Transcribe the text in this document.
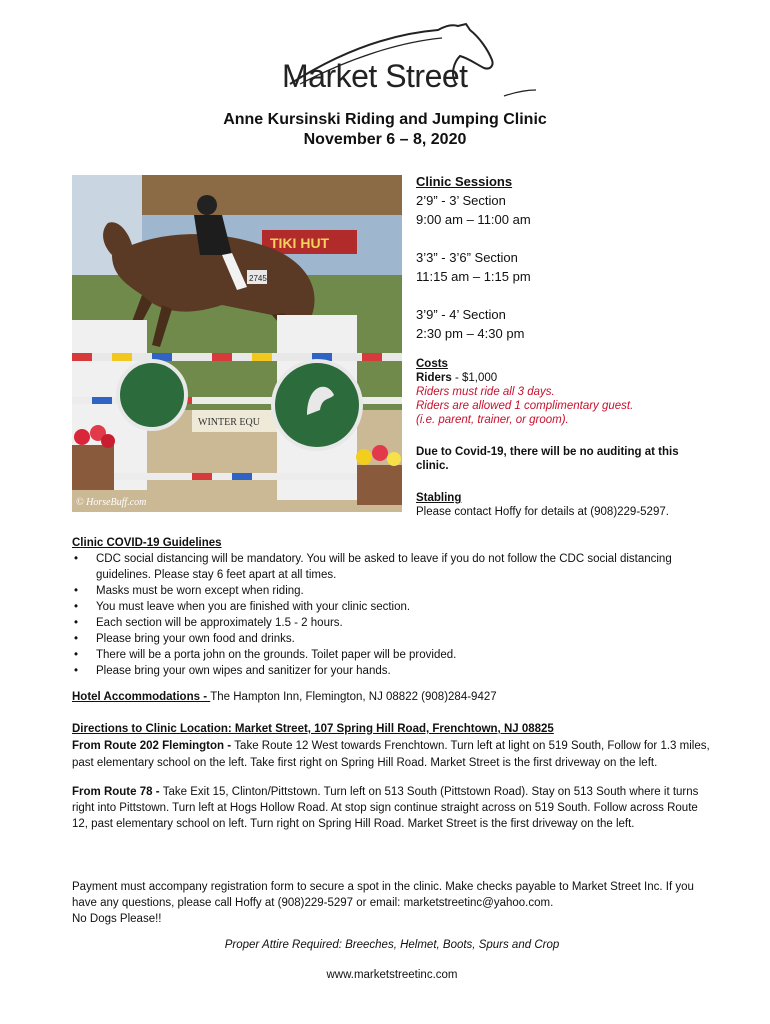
Market Street
Anne Kursinski Riding and Jumping Clinic
November 6 – 8, 2020
TIKI HUT
WINTER EQU
2745
© HorseBuff.com
Clinic Sessions
2’9” - 3’ Section
9:00 am – 11:00 am
3’3” - 3’6” Section
11:15 am – 1:15 pm
3’9” - 4’ Section
2:30 pm – 4:30 pm
Costs
Riders - $1,000
Riders must ride all 3 days.
Riders are allowed 1 complimentary guest.
(i.e. parent, trainer, or groom).
Due to Covid-19, there will be no auditing at this clinic.
Stabling
Please contact Hoffy for details at (908)229-5297.
Clinic COVID-19 Guidelines
• CDC social distancing will be mandatory. You will be asked to leave if you do not follow the CDC social distancing guidelines. Please stay 6 feet apart at all times.
• Masks must be worn except when riding.
• You must leave when you are finished with your clinic section.
• Each section will be approximately 1.5 - 2 hours.
• Please bring your own food and drinks.
• There will be a porta john on the grounds. Toilet paper will be provided.
• Please bring your own wipes and sanitizer for your hands.
Hotel Accommodations - The Hampton Inn, Flemington, NJ 08822 (908)284-9427
Directions to Clinic Location: Market Street, 107 Spring Hill Road, Frenchtown, NJ 08825
From Route 202 Flemington - Take Route 12 West towards Frenchtown. Turn left at light on 519 South, Follow for 1.3 miles, past elementary school on the left. Take first right on Spring Hill Road. Market Street is the first driveway on the left.
From Route 78 - Take Exit 15, Clinton/Pittstown. Turn left on 513 South (Pittstown Road). Stay on 513 South where it turns right into Pittstown. Turn left at Hogs Hollow Road. At stop sign continue straight across on 519 South. Follow across Route 12, past elementary school on left. Turn right on Spring Hill Road. Market Street is the first driveway on the left.
Payment must accompany registration form to secure a spot in the clinic. Make checks payable to Market Street Inc. If you have any questions, please call Hoffy at (908)229-5297 or email: marketstreetinc@yahoo.com.
No Dogs Please!!
Proper Attire Required: Breeches, Helmet, Boots, Spurs and Crop
www.marketstreetinc.com
